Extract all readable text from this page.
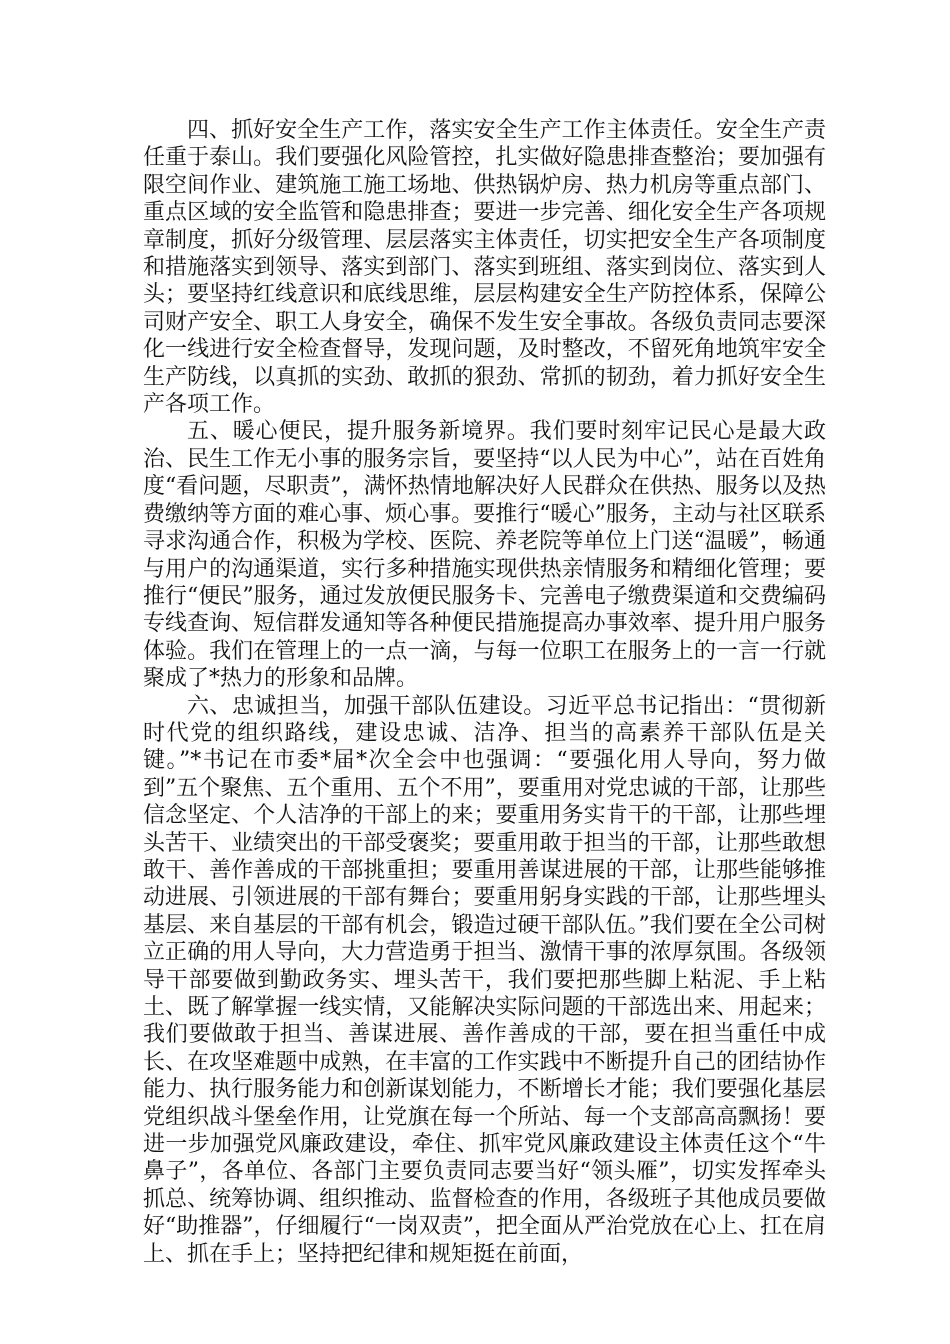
四、抓好安全生产工作，落实安全生产工作主体责任。安全生产责任重于泰山。我们要强化风险管控，扎实做好隐患排查整治；要加强有限空间作业、建筑施工施工场地、供热锅炉房、热力机房等重点部门、重点区域的安全监管和隐患排查；要进一步完善、细化安全生产各项规章制度，抓好分级管理、层层落实主体责任，切实把安全生产各项制度和措施落实到领导、落实到部门、落实到班组、落实到岗位、落实到人头；要坚持红线意识和底线思维，层层构建安全生产防控体系，保障公司财产安全、职工人身安全，确保不发生安全事故。各级负责同志要深化一线进行安全检查督导，发现问题，及时整改，不留死角地筑牢安全生产防线，以真抓的实劲、敢抓的狠劲、常抓的韧劲，着力抓好安全生产各项工作。

五、暖心便民，提升服务新境界。我们要时刻牢记民心是最大政治、民生工作无小事的服务宗旨，要坚持“以人民为中心”，站在百姓角度“看问题，尽职责”，满怀热情地解决好人民群众在供热、服务以及热费缴纳等方面的难心事、烦心事。要推行“暖心”服务，主动与社区联系寻求沟通合作，积极为学校、医院、养老院等单位上门送“温暖”，畅通与用户的沟通渠道，实行多种措施实现供热亲情服务和精细化管理；要推行“便民”服务，通过发放便民服务卡、完善电子缴费渠道和交费编码专线查询、短信群发通知等各种便民措施提高办事效率、提升用户服务体验。我们在管理上的一点一滴，与每一位职工在服务上的一言一行就聚成了*热力的形象和品牌。

六、忠诚担当，加强干部队伍建设。习近平总书记指出：“贯彻新时代党的组织路线，建设忠诚、洁净、担当的高素养干部队伍是关键。”*书记在市委*届*次全会中也强调：“要强化用人导向，努力做到”五个聚焦、五个重用、五个不用”，要重用对党忠诚的干部，让那些信念坚定、个人洁净的干部上的来；要重用务实肯干的干部，让那些埋头苦干、业绩突出的干部受褒奖；要重用敢于担当的干部，让那些敢想敢干、善作善成的干部挑重担；要重用善谋进展的干部，让那些能够推动进展、引领进展的干部有舞台；要重用躬身实践的干部，让那些埋头基层、来自基层的干部有机会，锻造过硬干部队伍。”我们要在全公司树立正确的用人导向，大力营造勇于担当、激情干事的浓厚氛围。各级领导干部要做到勤政务实、埋头苦干，我们要把那些脚上粘泥、手上粘土、既了解掌握一线实情，又能解决实际问题的干部选出来、用起来；我们要做敢于担当、善谋进展、善作善成的干部，要在担当重任中成长、在攻坚难题中成熟，在丰富的工作实践中不断提升自己的团结协作能力、执行服务能力和创新谋划能力，不断增长才能；我们要强化基层党组织战斗堡垒作用，让党旗在每一个所站、每一个支部高高飘扬！要进一步加强党风廉政建设，牵住、抓牢党风廉政建设主体责任这个“牛鼻子”，各单位、各部门主要负责同志要当好“领头雁”，切实发挥牵头抓总、统筹协调、组织推动、监督检查的作用，各级班子其他成员要做好“助推器”，仔细履行“一岗双责”，把全面从严治党放在心上、扛在肩上、抓在手上；坚持把纪律和规矩挺在前面，
